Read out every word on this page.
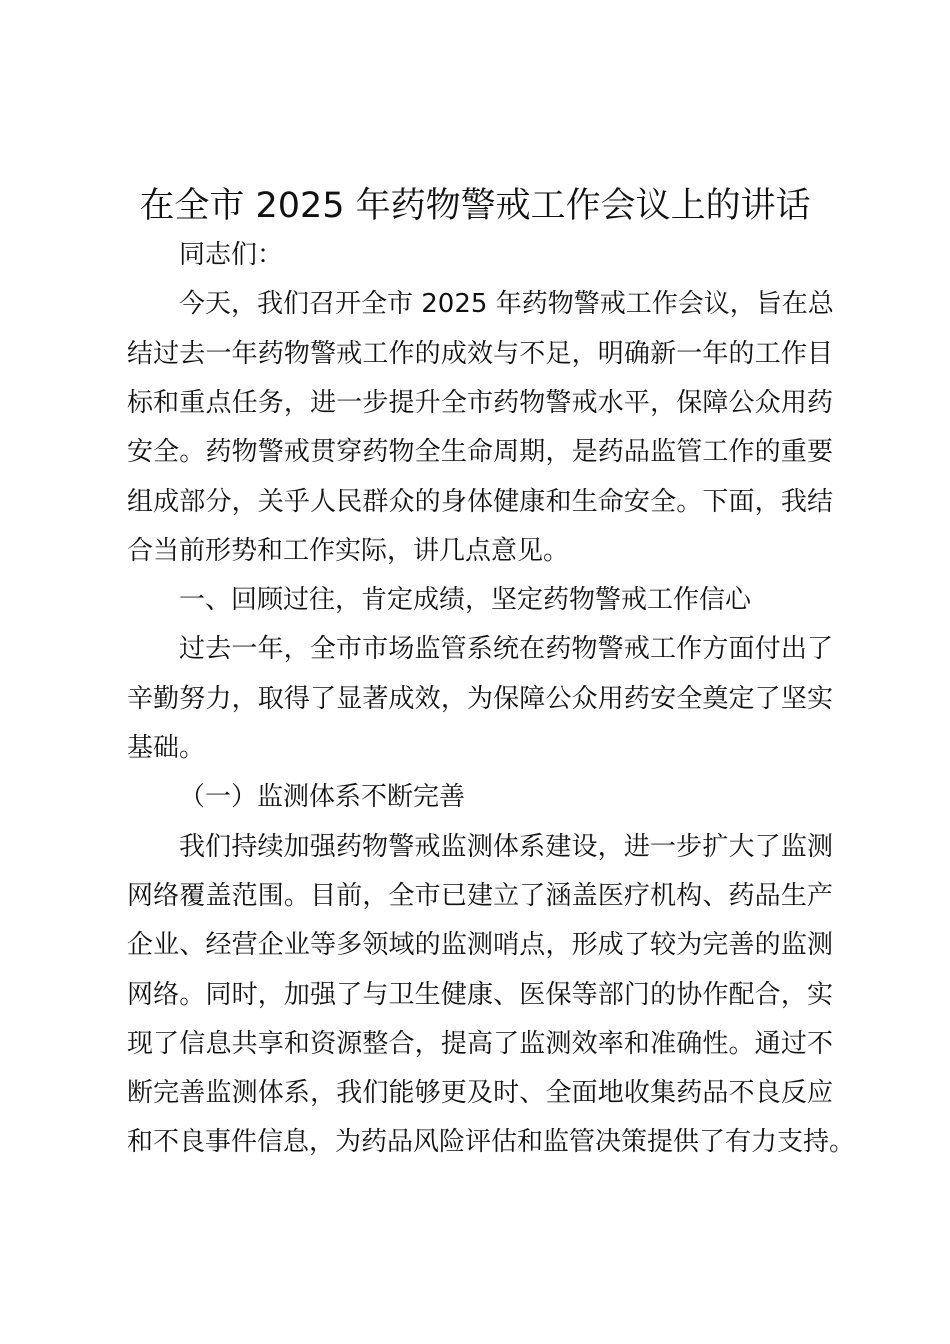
在全市 2025 年药物警戒工作会议上的讲话
同志们：
今天，我们召开全市 2025 年药物警戒工作会议，旨在总
结过去一年药物警戒工作的成效与不足，明确新一年的工作目
标和重点任务，进一步提升全市药物警戒水平，保障公众用药
安全。药物警戒贯穿药物全生命周期，是药品监管工作的重要
组成部分，关乎人民群众的身体健康和生命安全。下面，我结
合当前形势和工作实际，讲几点意见。
一、回顾过往，肯定成绩，坚定药物警戒工作信心
过去一年，全市市场监管系统在药物警戒工作方面付出了
辛勤努力，取得了显著成效，为保障公众用药安全奠定了坚实
基础。
（一）监测体系不断完善
我们持续加强药物警戒监测体系建设，进一步扩大了监测
网络覆盖范围。目前，全市已建立了涵盖医疗机构、药品生产
企业、经营企业等多领域的监测哨点，形成了较为完善的监测
网络。同时，加强了与卫生健康、医保等部门的协作配合，实
现了信息共享和资源整合，提高了监测效率和准确性。通过不
断完善监测体系，我们能够更及时、全面地收集药品不良反应
和不良事件信息，为药品风险评估和监管决策提供了有力支持。
